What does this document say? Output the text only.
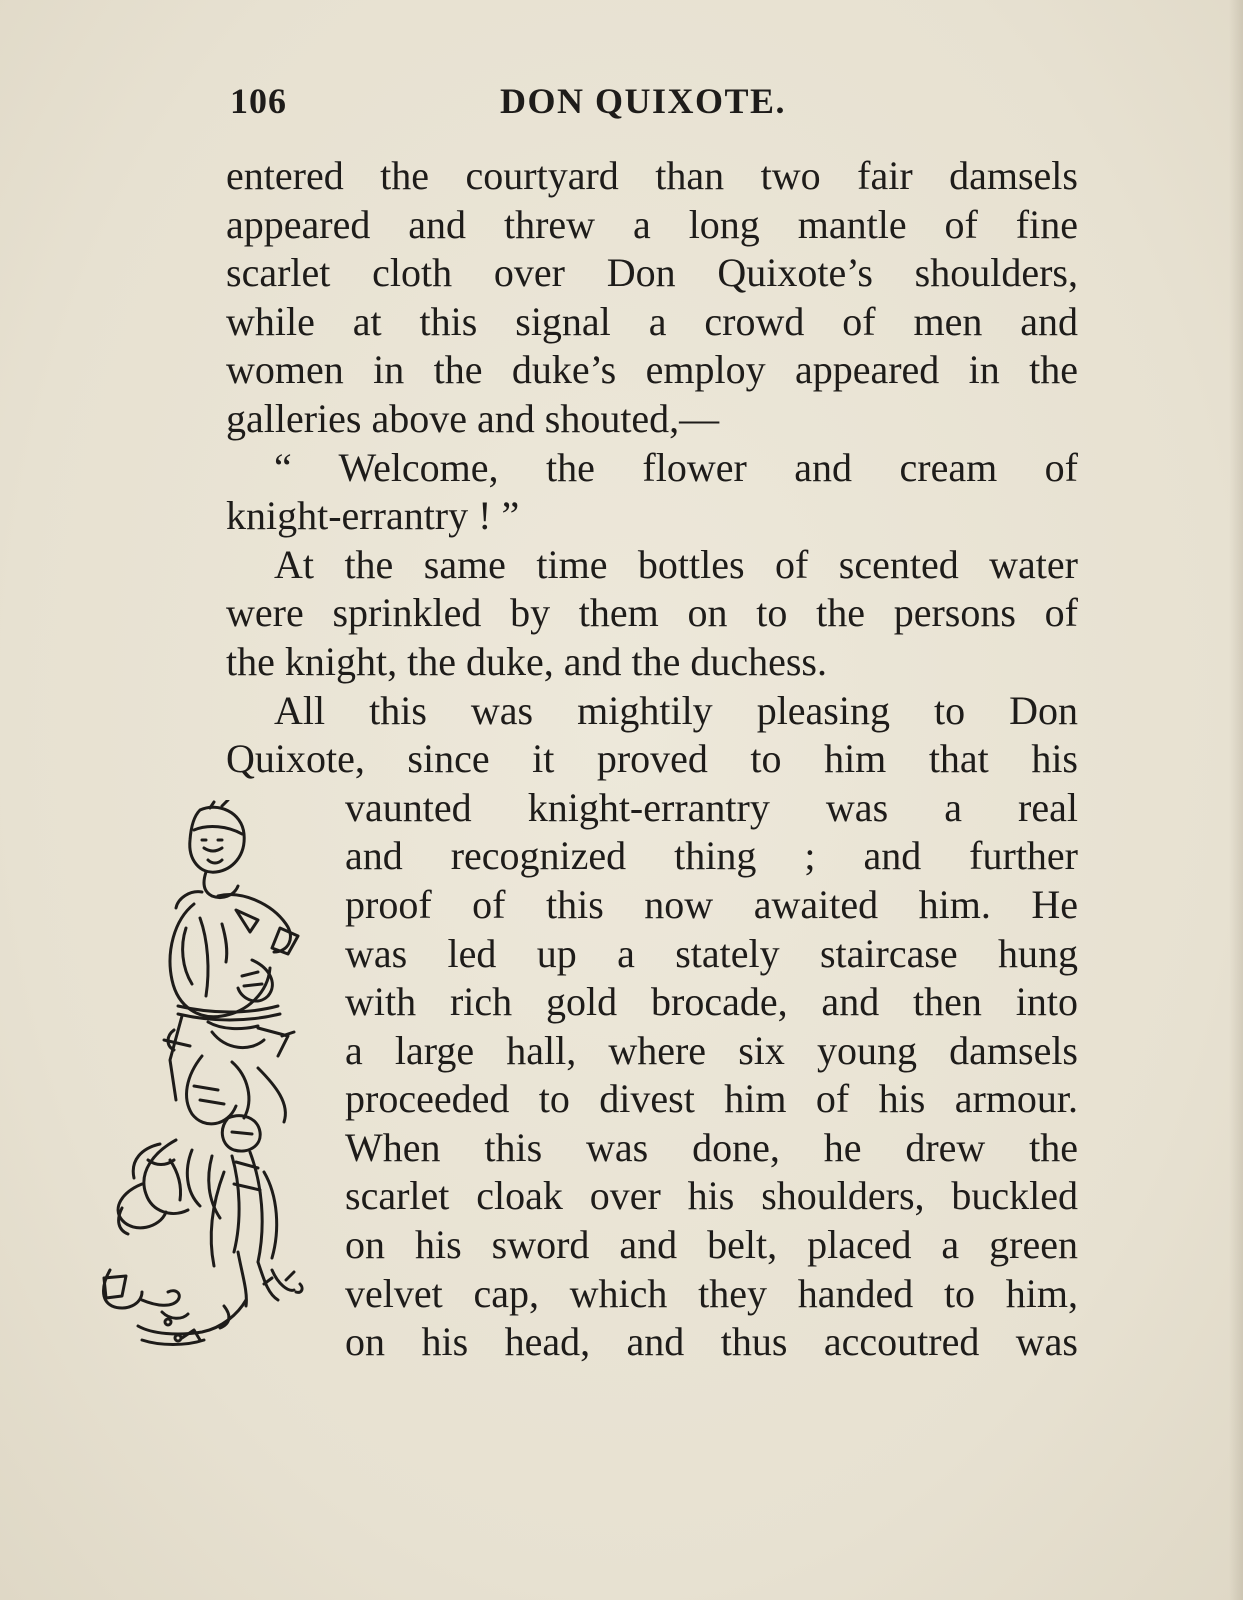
106	DON QUIXOTE.
entered the courtyard than two fair damsels
appeared and threw a long mantle of fine
scarlet cloth over Don Quixote’s shoulders,
while at this signal a crowd of men and
women in the duke’s employ appeared in the
galleries above and shouted,—
“ Welcome, the flower and cream of
knight-errantry ! ”
At the same time bottles of scented water
were sprinkled by them on to the persons of
the knight, the duke, and the duchess.
All this was mightily pleasing to Don
Quixote, since it proved to him that his
vaunted knight-errantry was a real
and recognized thing ; and further
proof of this now awaited him. He
was led up a stately staircase hung
with rich gold brocade, and then into
a large hall, where six young damsels
proceeded to divest him of his armour.
When this was done, he drew the
scarlet cloak over his shoulders, buckled
on his sword and belt, placed a green
velvet cap, which they handed to him,
on his head, and thus accoutred was
